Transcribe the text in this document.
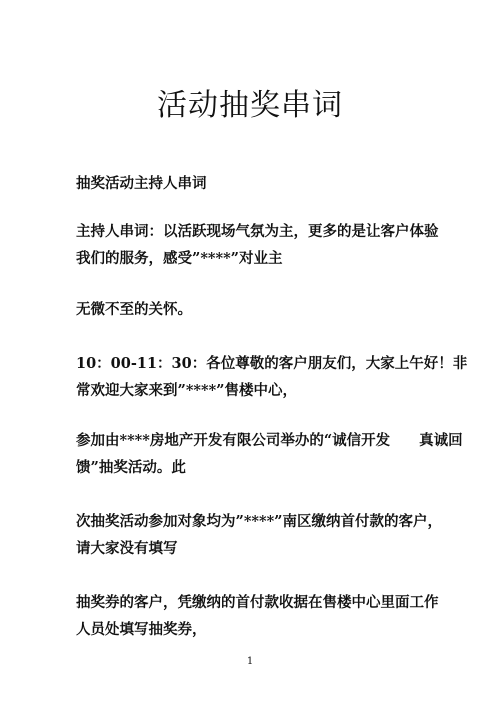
活动抽奖串词
抽奖活动主持人串词
主持人串词：以活跃现场气氛为主，更多的是让客户体验
我们的服务，感受”****”对业主
无微不至的关怀。
10：00-11：30：各位尊敬的客户朋友们，大家上午好！非
常欢迎大家来到”****”售楼中心，
参加由****房地产开发有限公司举办的“诚信开发　　真诚回
馈”抽奖活动。此
次抽奖活动参加对象均为”****”南区缴纳首付款的客户，
请大家没有填写
抽奖券的客户，凭缴纳的首付款收据在售楼中心里面工作
人员处填写抽奖券，
1
